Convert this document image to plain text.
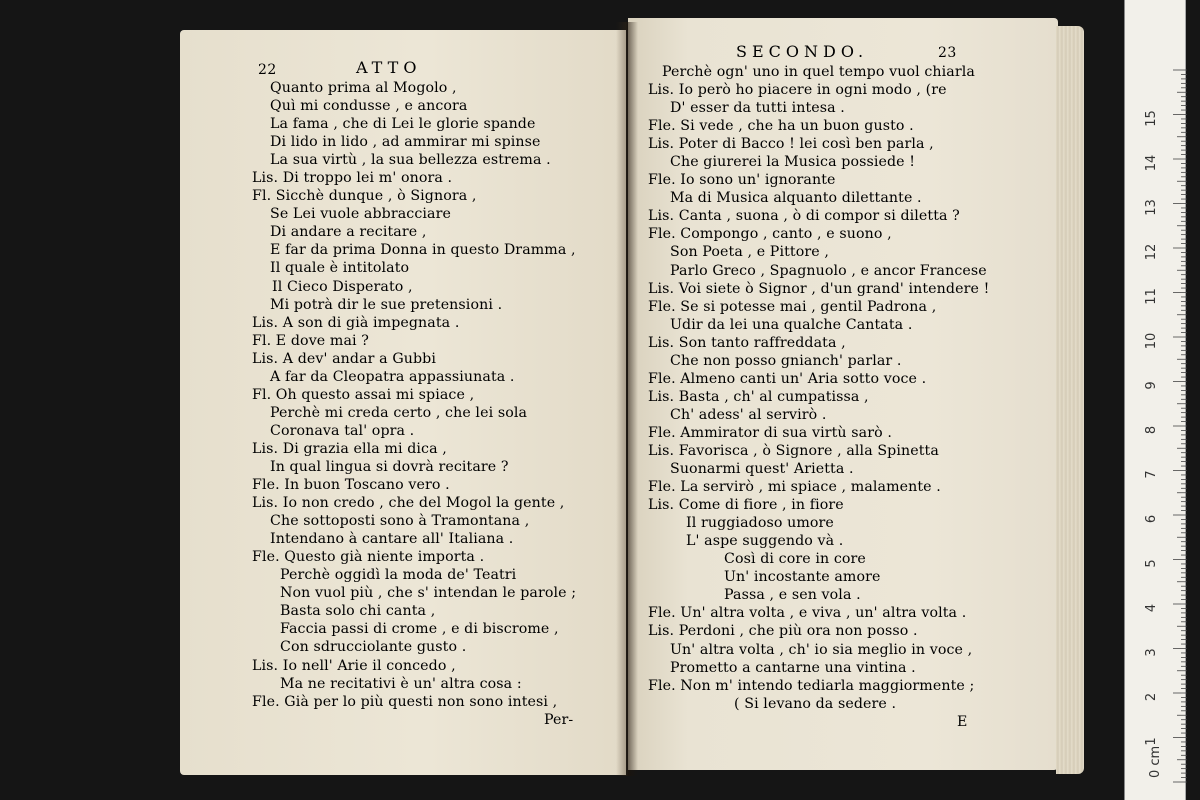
22	ATTO
SECONDO.	23
Quanto prima al Mogolo ,
Quì mi condusse , e ancora
La fama , che di Lei le glorie spande
Di lido in lido , ad ammirar mi spinse
La sua virtù , la sua bellezza estrema .
Lis. Di troppo lei m' onora .
Fl. Sicchè dunque , ò Signora ,
Se Lei vuole abbracciare
Di andare a recitare ,
E far da prima Donna in questo Dramma ,
Il quale è intitolato
Il Cieco Disperato ,
Mi potrà dir le sue pretensioni .
Lis. A son di già impegnata .
Fl. E dove mai ?
Lis. A dev' andar a Gubbi
A far da Cleopatra appassiunata .
Fl. Oh questo assai mi spiace ,
Perchè mi creda certo , che lei sola
Coronava tal' opra .
Lis. Di grazia ella mi dica ,
In qual lingua si dovrà recitare ?
Fle. In buon Toscano vero .
Lis. Io non credo , che del Mogol la gente ,
Che sottoposti sono à Tramontana ,
Intendano à cantare all' Italiana .
Fle. Questo già niente importa .
Perchè oggidì la moda de' Teatri
Non vuol più , che s' intendan le parole ;
Basta solo chi canta ,
Faccia passi di crome , e di biscrome ,
Con sdrucciolante gusto .
Lis. Io nell' Arie il concedo ,
Ma ne recitativi è un' altra cosa :
Fle. Già per lo più questi non sono intesi ,
Per-
Perchè ogn' uno in quel tempo vuol chiarla
Lis. Io però ho piacere in ogni modo , (re
D' esser da tutti intesa .
Fle. Si vede , che ha un buon gusto .
Lis. Poter di Bacco ! lei così ben parla ,
Che giurerei la Musica possiede !
Fle. Io sono un' ignorante
Ma di Musica alquanto dilettante .
Lis. Canta , suona , ò di compor si diletta ?
Fle. Compongo , canto , e suono ,
Son Poeta , e Pittore ,
Parlo Greco , Spagnuolo , e ancor Francese
Lis. Voi siete ò Signor , d'un grand' intendere !
Fle. Se si potesse mai , gentil Padrona ,
Udir da lei una qualche Cantata .
Lis. Son tanto raffreddata ,
Che non posso gnianch' parlar .
Fle. Almeno canti un' Aria sotto voce .
Lis. Basta , ch' al cumpatissa ,
Ch' adess' al servirò .
Fle. Ammirator di sua virtù sarò .
Lis. Favorisca , ò Signore , alla Spinetta
Suonarmi quest' Arietta .
Fle. La servirò , mi spiace , malamente .
Lis. Come di fiore , in fiore
Il ruggiadoso umore
L' aspe suggendo và .
Così di core in core
Un' incostante amore
Passa , e sen vola .
Fle. Un' altra volta , e viva , un' altra volta .
Lis. Perdoni , che più ora non posso .
Un' altra volta , ch' io sia meglio in voce ,
Prometto a cantarne una vintina .
Fle. Non m' intendo tediarla maggiormente ;
( Si levano da sedere .
E
0 cm
1
2
3
4
5
6
7
8
9
10
11
12
13
14
15
